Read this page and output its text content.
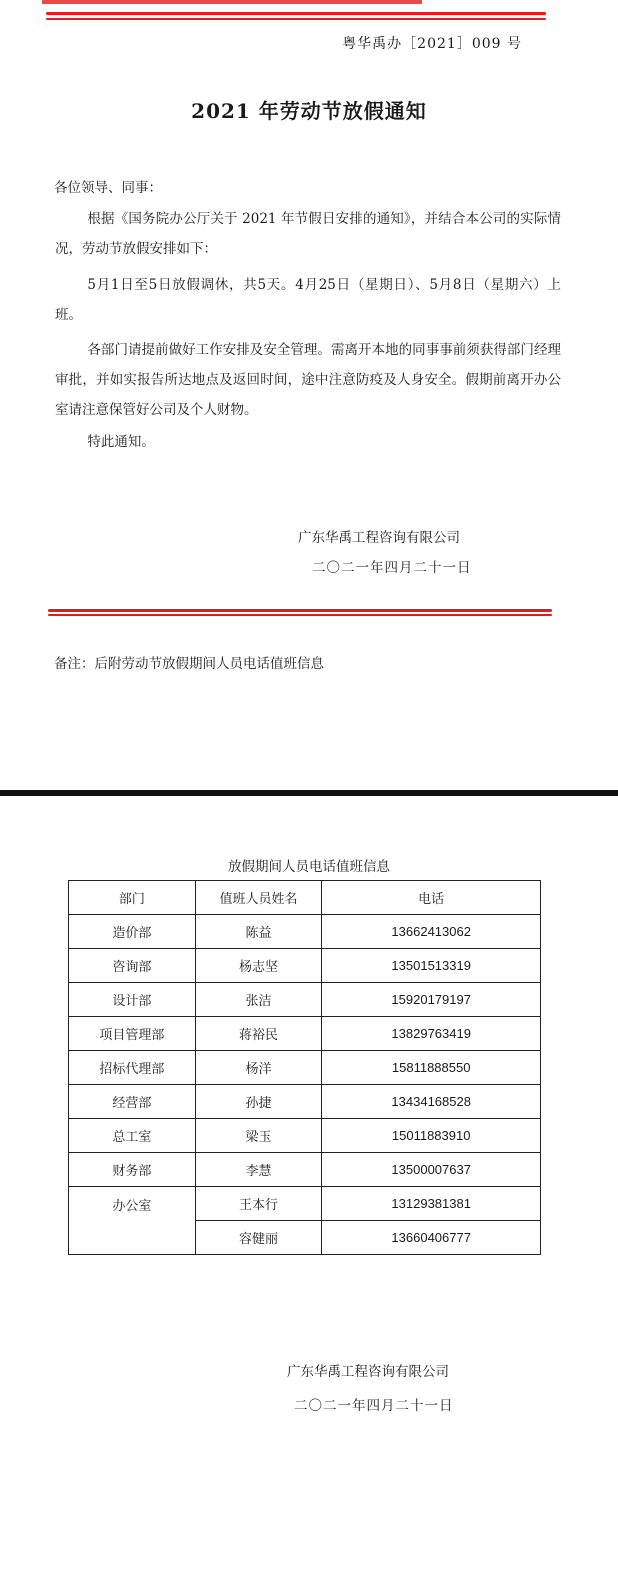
粤华禹办［2021］009 号
2021 年劳动节放假通知
各位领导、同事：
根据《国务院办公厅关于 2021 年节假日安排的通知》，并结合本公司的实际情况，劳动节放假安排如下：
5月1日至5日放假调休，共5天。4月25日（星期日）、5月8日（星期六）上班。
各部门请提前做好工作安排及安全管理。需离开本地的同事事前须获得部门经理审批，并如实报告所达地点及返回时间，途中注意防疫及人身安全。假期前离开办公室请注意保管好公司及个人财物。
特此通知。
广东华禹工程咨询有限公司
二〇二一年四月二十一日
备注：后附劳动节放假期间人员电话值班信息
放假期间人员电话值班信息
部门	值班人员姓名	电话
造价部	陈益	13662413062
咨询部	杨志坚	13501513319
设计部	张洁	15920179197
项目管理部	蒋裕民	13829763419
招标代理部	杨洋	15811888550
经营部	孙捷	13434168528
总工室	梁玉	15011883910
财务部	李慧	13500007637
办公室	王本行	13129381381
	容健丽	13660406777
广东华禹工程咨询有限公司
二〇二一年四月二十一日
